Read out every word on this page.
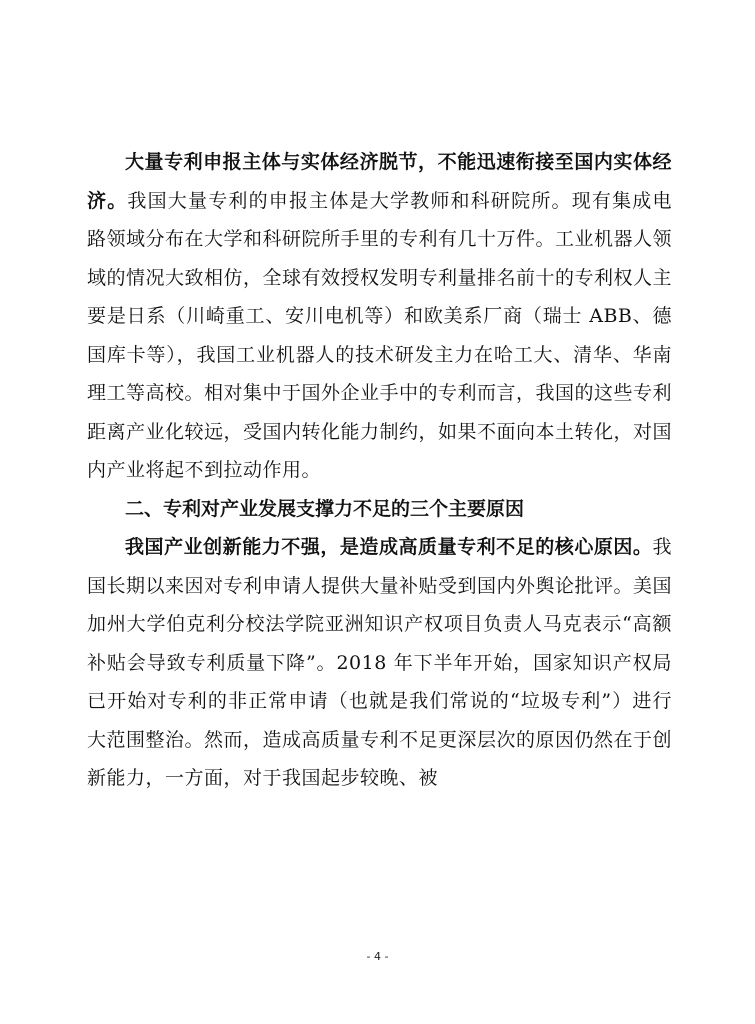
大量专利申报主体与实体经济脱节，不能迅速衔接至国内实体经济。我国大量专利的申报主体是大学教师和科研院所。现有集成电路领域分布在大学和科研院所手里的专利有几十万件。工业机器人领域的情况大致相仿，全球有效授权发明专利量排名前十的专利权人主要是日系（川崎重工、安川电机等）和欧美系厂商（瑞士 ABB、德国库卡等），我国工业机器人的技术研发主力在哈工大、清华、华南理工等高校。相对集中于国外企业手中的专利而言，我国的这些专利距离产业化较远，受国内转化能力制约，如果不面向本土转化，对国内产业将起不到拉动作用。

二、专利对产业发展支撑力不足的三个主要原因

我国产业创新能力不强，是造成高质量专利不足的核心原因。我国长期以来因对专利申请人提供大量补贴受到国内外舆论批评。美国加州大学伯克利分校法学院亚洲知识产权项目负责人马克表示“高额补贴会导致专利质量下降”。2018 年下半年开始，国家知识产权局已开始对专利的非正常申请（也就是我们常说的“垃圾专利”）进行大范围整治。然而，造成高质量专利不足更深层次的原因仍然在于创新能力，一方面，对于我国起步较晚、被

- 4 -
